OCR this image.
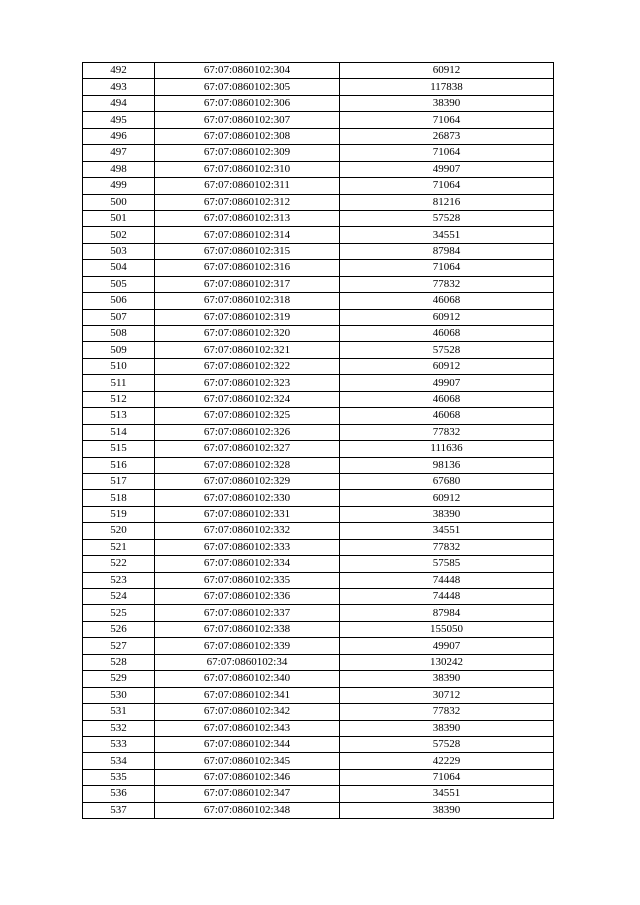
492	67:07:0860102:304	60912
493	67:07:0860102:305	117838
494	67:07:0860102:306	38390
495	67:07:0860102:307	71064
496	67:07:0860102:308	26873
497	67:07:0860102:309	71064
498	67:07:0860102:310	49907
499	67:07:0860102:311	71064
500	67:07:0860102:312	81216
501	67:07:0860102:313	57528
502	67:07:0860102:314	34551
503	67:07:0860102:315	87984
504	67:07:0860102:316	71064
505	67:07:0860102:317	77832
506	67:07:0860102:318	46068
507	67:07:0860102:319	60912
508	67:07:0860102:320	46068
509	67:07:0860102:321	57528
510	67:07:0860102:322	60912
511	67:07:0860102:323	49907
512	67:07:0860102:324	46068
513	67:07:0860102:325	46068
514	67:07:0860102:326	77832
515	67:07:0860102:327	111636
516	67:07:0860102:328	98136
517	67:07:0860102:329	67680
518	67:07:0860102:330	60912
519	67:07:0860102:331	38390
520	67:07:0860102:332	34551
521	67:07:0860102:333	77832
522	67:07:0860102:334	57585
523	67:07:0860102:335	74448
524	67:07:0860102:336	74448
525	67:07:0860102:337	87984
526	67:07:0860102:338	155050
527	67:07:0860102:339	49907
528	67:07:0860102:34	130242
529	67:07:0860102:340	38390
530	67:07:0860102:341	30712
531	67:07:0860102:342	77832
532	67:07:0860102:343	38390
533	67:07:0860102:344	57528
534	67:07:0860102:345	42229
535	67:07:0860102:346	71064
536	67:07:0860102:347	34551
537	67:07:0860102:348	38390
